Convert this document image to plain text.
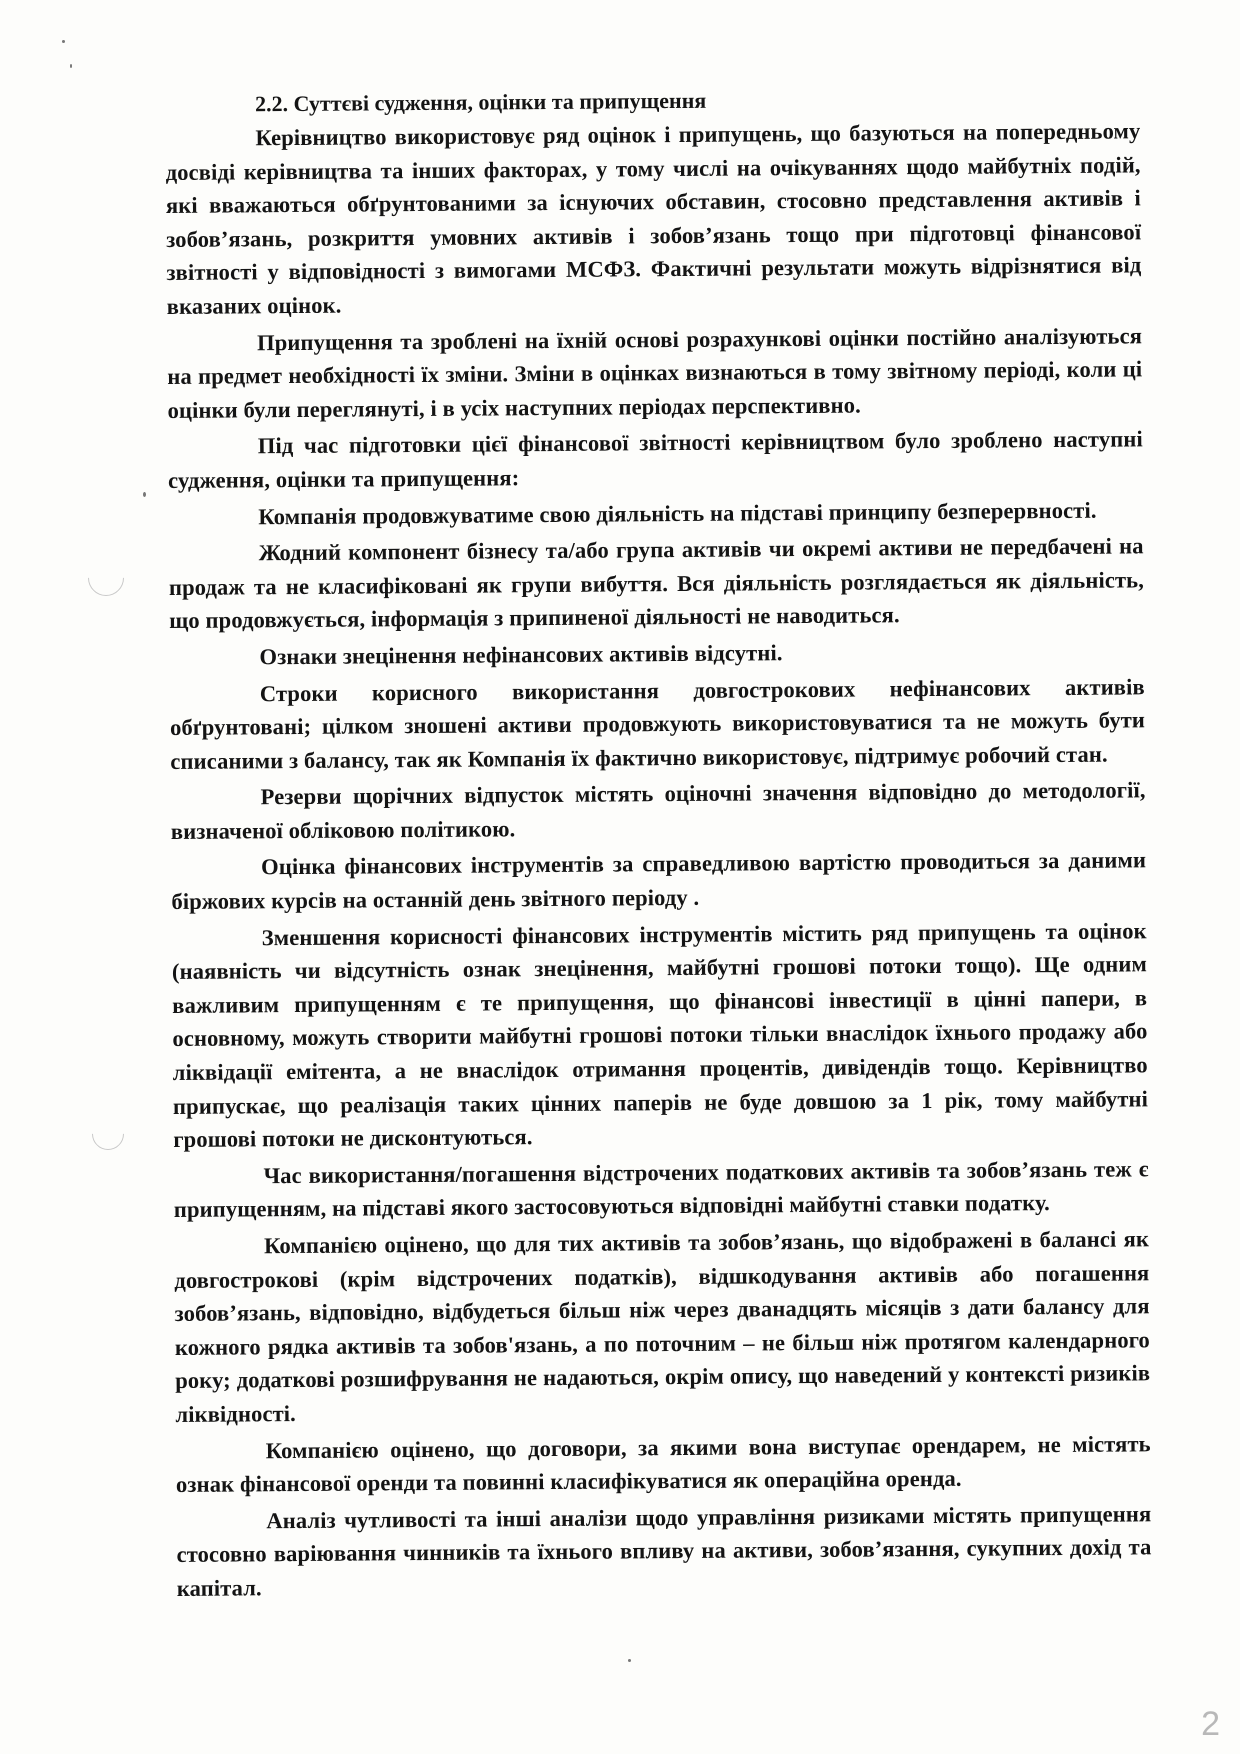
2.2. Суттєві судження, оцінки та припущення

Керівництво використовує ряд оцінок і припущень, що базуються на попередньому досвіді керівництва та інших факторах, у тому числі на очікуваннях щодо майбутніх подій, які вважаються обґрунтованими за існуючих обставин, стосовно представлення активів і зобов’язань, розкриття умовних активів і зобов’язань тощо при підготовці фінансової звітності у відповідності з вимогами МСФЗ. Фактичні результати можуть відрізнятися від вказаних оцінок.

Припущення та зроблені на їхній основі розрахункові оцінки постійно аналізуються на предмет необхідності їх зміни. Зміни в оцінках визнаються в тому звітному періоді, коли ці оцінки були переглянуті, і в усіх наступних періодах перспективно.

Під час підготовки цієї фінансової звітності керівництвом було зроблено наступні судження, оцінки та припущення:

Компанія продовжуватиме свою діяльність на підставі принципу безперервності.

Жодний компонент бізнесу та/або група активів чи окремі активи не передбачені на продаж та не класифіковані як групи вибуття. Вся діяльність розглядається як діяльність, що продовжується, інформація з припиненої діяльності не наводиться.

Ознаки знецінення нефінансових активів відсутні.

Строки корисного використання довгострокових нефінансових активів обґрунтовані; цілком зношені активи продовжують використовуватися та не можуть бути списаними з балансу, так як Компанія їх фактично використовує, підтримує робочий стан.

Резерви щорічних відпусток містять оціночні значення відповідно до методології, визначеної обліковою політикою.

Оцінка фінансових інструментів за справедливою вартістю проводиться за даними біржових курсів на останній день звітного періоду .

Зменшення корисності фінансових інструментів містить ряд припущень та оцінок (наявність чи відсутність ознак знецінення, майбутні грошові потоки тощо). Ще одним важливим припущенням є те припущення, що фінансові інвестиції в цінні папери, в основному, можуть створити майбутні грошові потоки тільки внаслідок їхнього продажу або ліквідації емітента, а не внаслідок отримання процентів, дивідендів тощо. Керівництво припускає, що реалізація таких цінних паперів не буде довшою за 1 рік, тому майбутні грошові потоки не дисконтуються.

Час використання/погашення відстрочених податкових активів та зобов’язань теж є припущенням, на підставі якого застосовуються відповідні майбутні ставки податку.

Компанією оцінено, що для тих активів та зобов’язань, що відображені в балансі як довгострокові (крім відстрочених податків), відшкодування активів або погашення зобов’язань, відповідно, відбудеться більш ніж через дванадцять місяців з дати балансу для кожного рядка активів та зобов'язань, а по поточним – не більш ніж протягом календарного року; додаткові розшифрування не надаються, окрім опису, що наведений у контексті ризиків ліквідності.

Компанією оцінено, що договори, за якими вона виступає орендарем, не містять ознак фінансової оренди та повинні класифікуватися як операційна оренда.

Аналіз чутливості та інші аналізи щодо управління ризиками містять припущення стосовно варіювання чинників та їхнього впливу на активи, зобов’язання, сукупних дохід та капітал.

2
